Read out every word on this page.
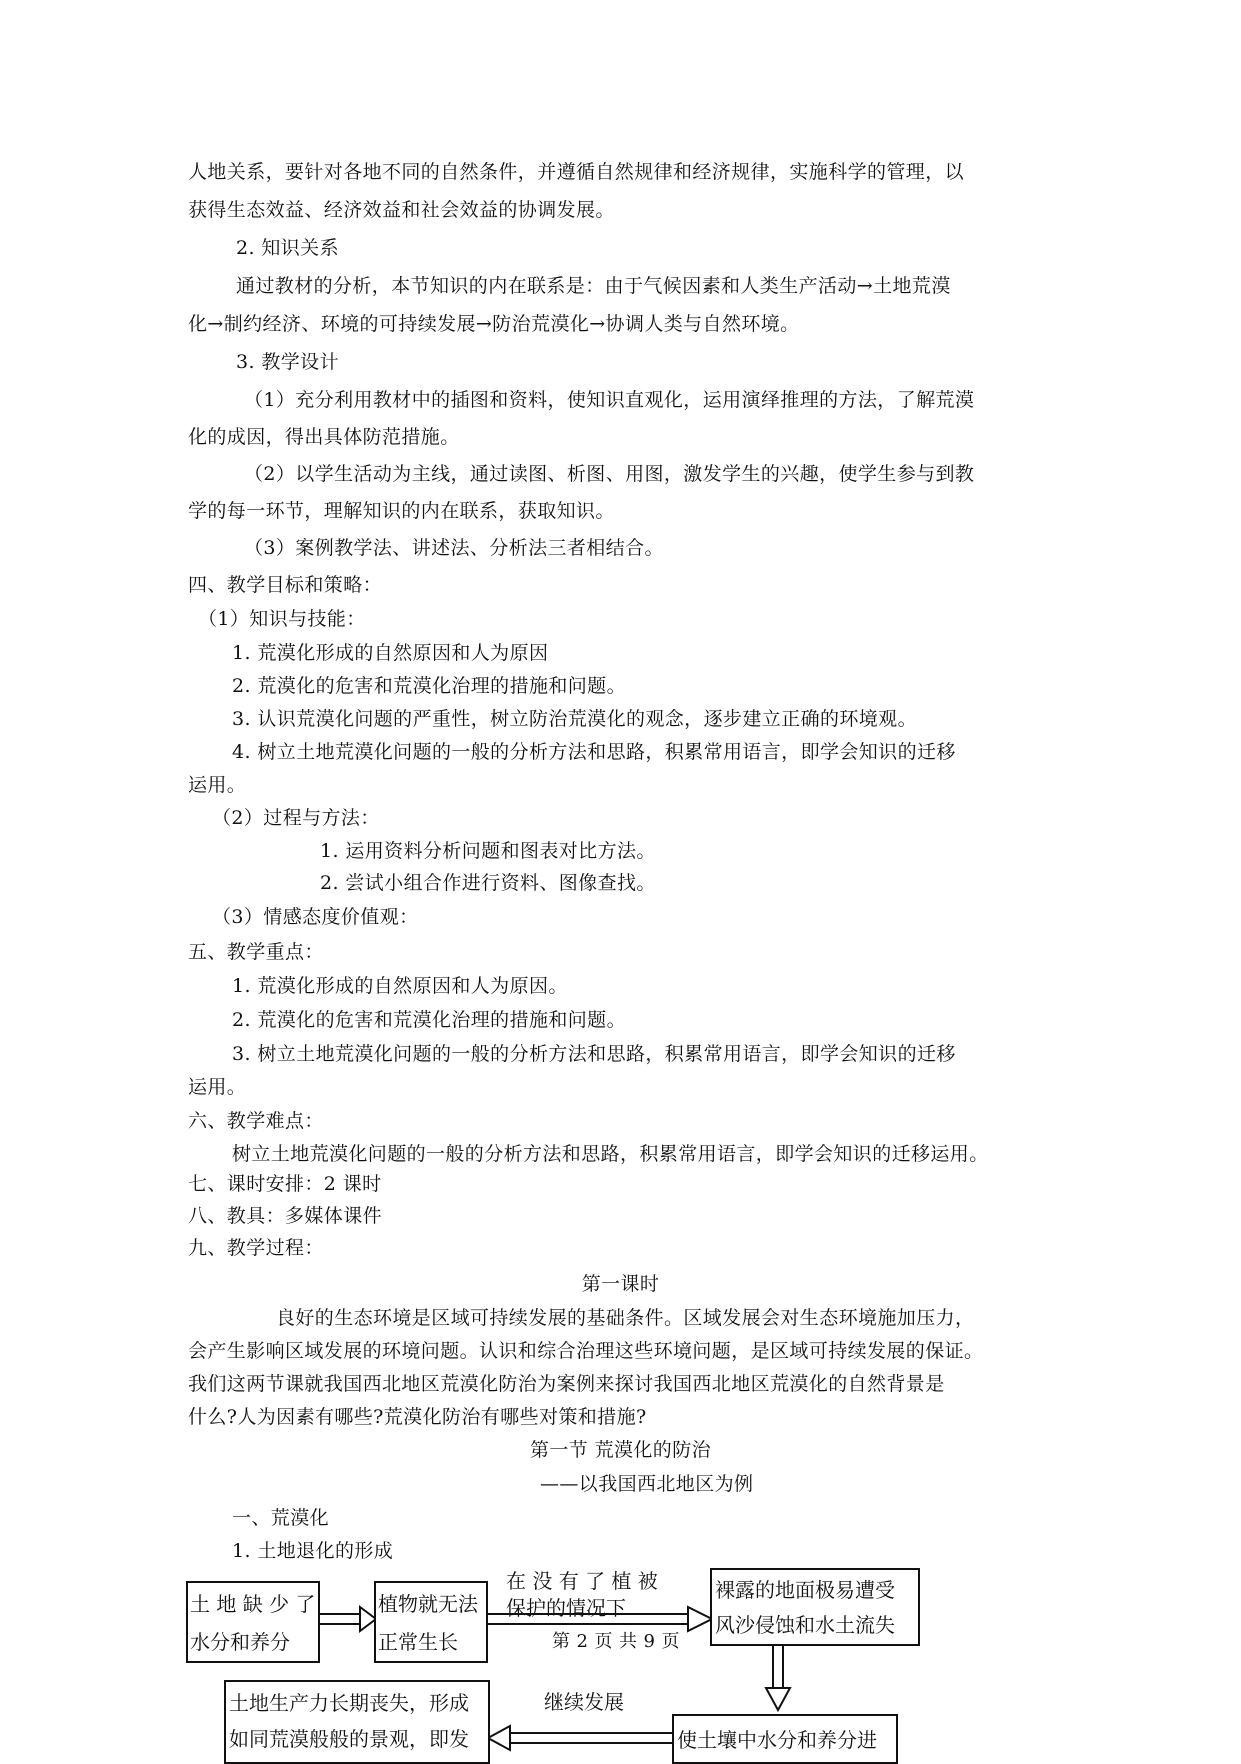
人地关系，要针对各地不同的自然条件，并遵循自然规律和经济规律，实施科学的管理，以
获得生态效益、经济效益和社会效益的协调发展。
2. 知识关系
通过教材的分析，本节知识的内在联系是：由于气候因素和人类生产活动→土地荒漠
化→制约经济、环境的可持续发展→防治荒漠化→协调人类与自然环境。
3. 教学设计
（1）充分利用教材中的插图和资料，使知识直观化，运用演绎推理的方法，了解荒漠
化的成因，得出具体防范措施。
（2）以学生活动为主线，通过读图、析图、用图，激发学生的兴趣，使学生参与到教
学的每一环节，理解知识的内在联系，获取知识。
（3）案例教学法、讲述法、分析法三者相结合。
四、教学目标和策略：
（1）知识与技能：
1. 荒漠化形成的自然原因和人为原因
2. 荒漠化的危害和荒漠化治理的措施和问题。
3. 认识荒漠化问题的严重性，树立防治荒漠化的观念，逐步建立正确的环境观。
4. 树立土地荒漠化问题的一般的分析方法和思路，积累常用语言，即学会知识的迁移
运用。
（2）过程与方法：
1. 运用资料分析问题和图表对比方法。
2. 尝试小组合作进行资料、图像查找。
（3）情感态度价值观：
五、教学重点：
1. 荒漠化形成的自然原因和人为原因。
2. 荒漠化的危害和荒漠化治理的措施和问题。
3. 树立土地荒漠化问题的一般的分析方法和思路，积累常用语言，即学会知识的迁移
运用。
六、教学难点：
树立土地荒漠化问题的一般的分析方法和思路，积累常用语言，即学会知识的迁移运用。
七、课时安排：2 课时
八、教具：多媒体课件
九、教学过程：
第一课时
良好的生态环境是区域可持续发展的基础条件。区域发展会对生态环境施加压力，
会产生影响区域发展的环境问题。认识和综合治理这些环境问题，是区域可持续发展的保证。
我们这两节课就我国西北地区荒漠化防治为案例来探讨我国西北地区荒漠化的自然背景是
什么?人为因素有哪些?荒漠化防治有哪些对策和措施?
第一节 荒漠化的防治
——以我国西北地区为例
一、荒漠化
1. 土地退化的形成
土 地 缺 少 了
水分和养分
植物就无法
正常生长
在 没 有 了 植 被
保护的情况下
裸露的地面极易遭受
风沙侵蚀和水土流失
第 2 页 共 9 页
土地生产力长期丧失，形成
如同荒漠般般的景观，即发
继续发展
使土壤中水分和养分进
